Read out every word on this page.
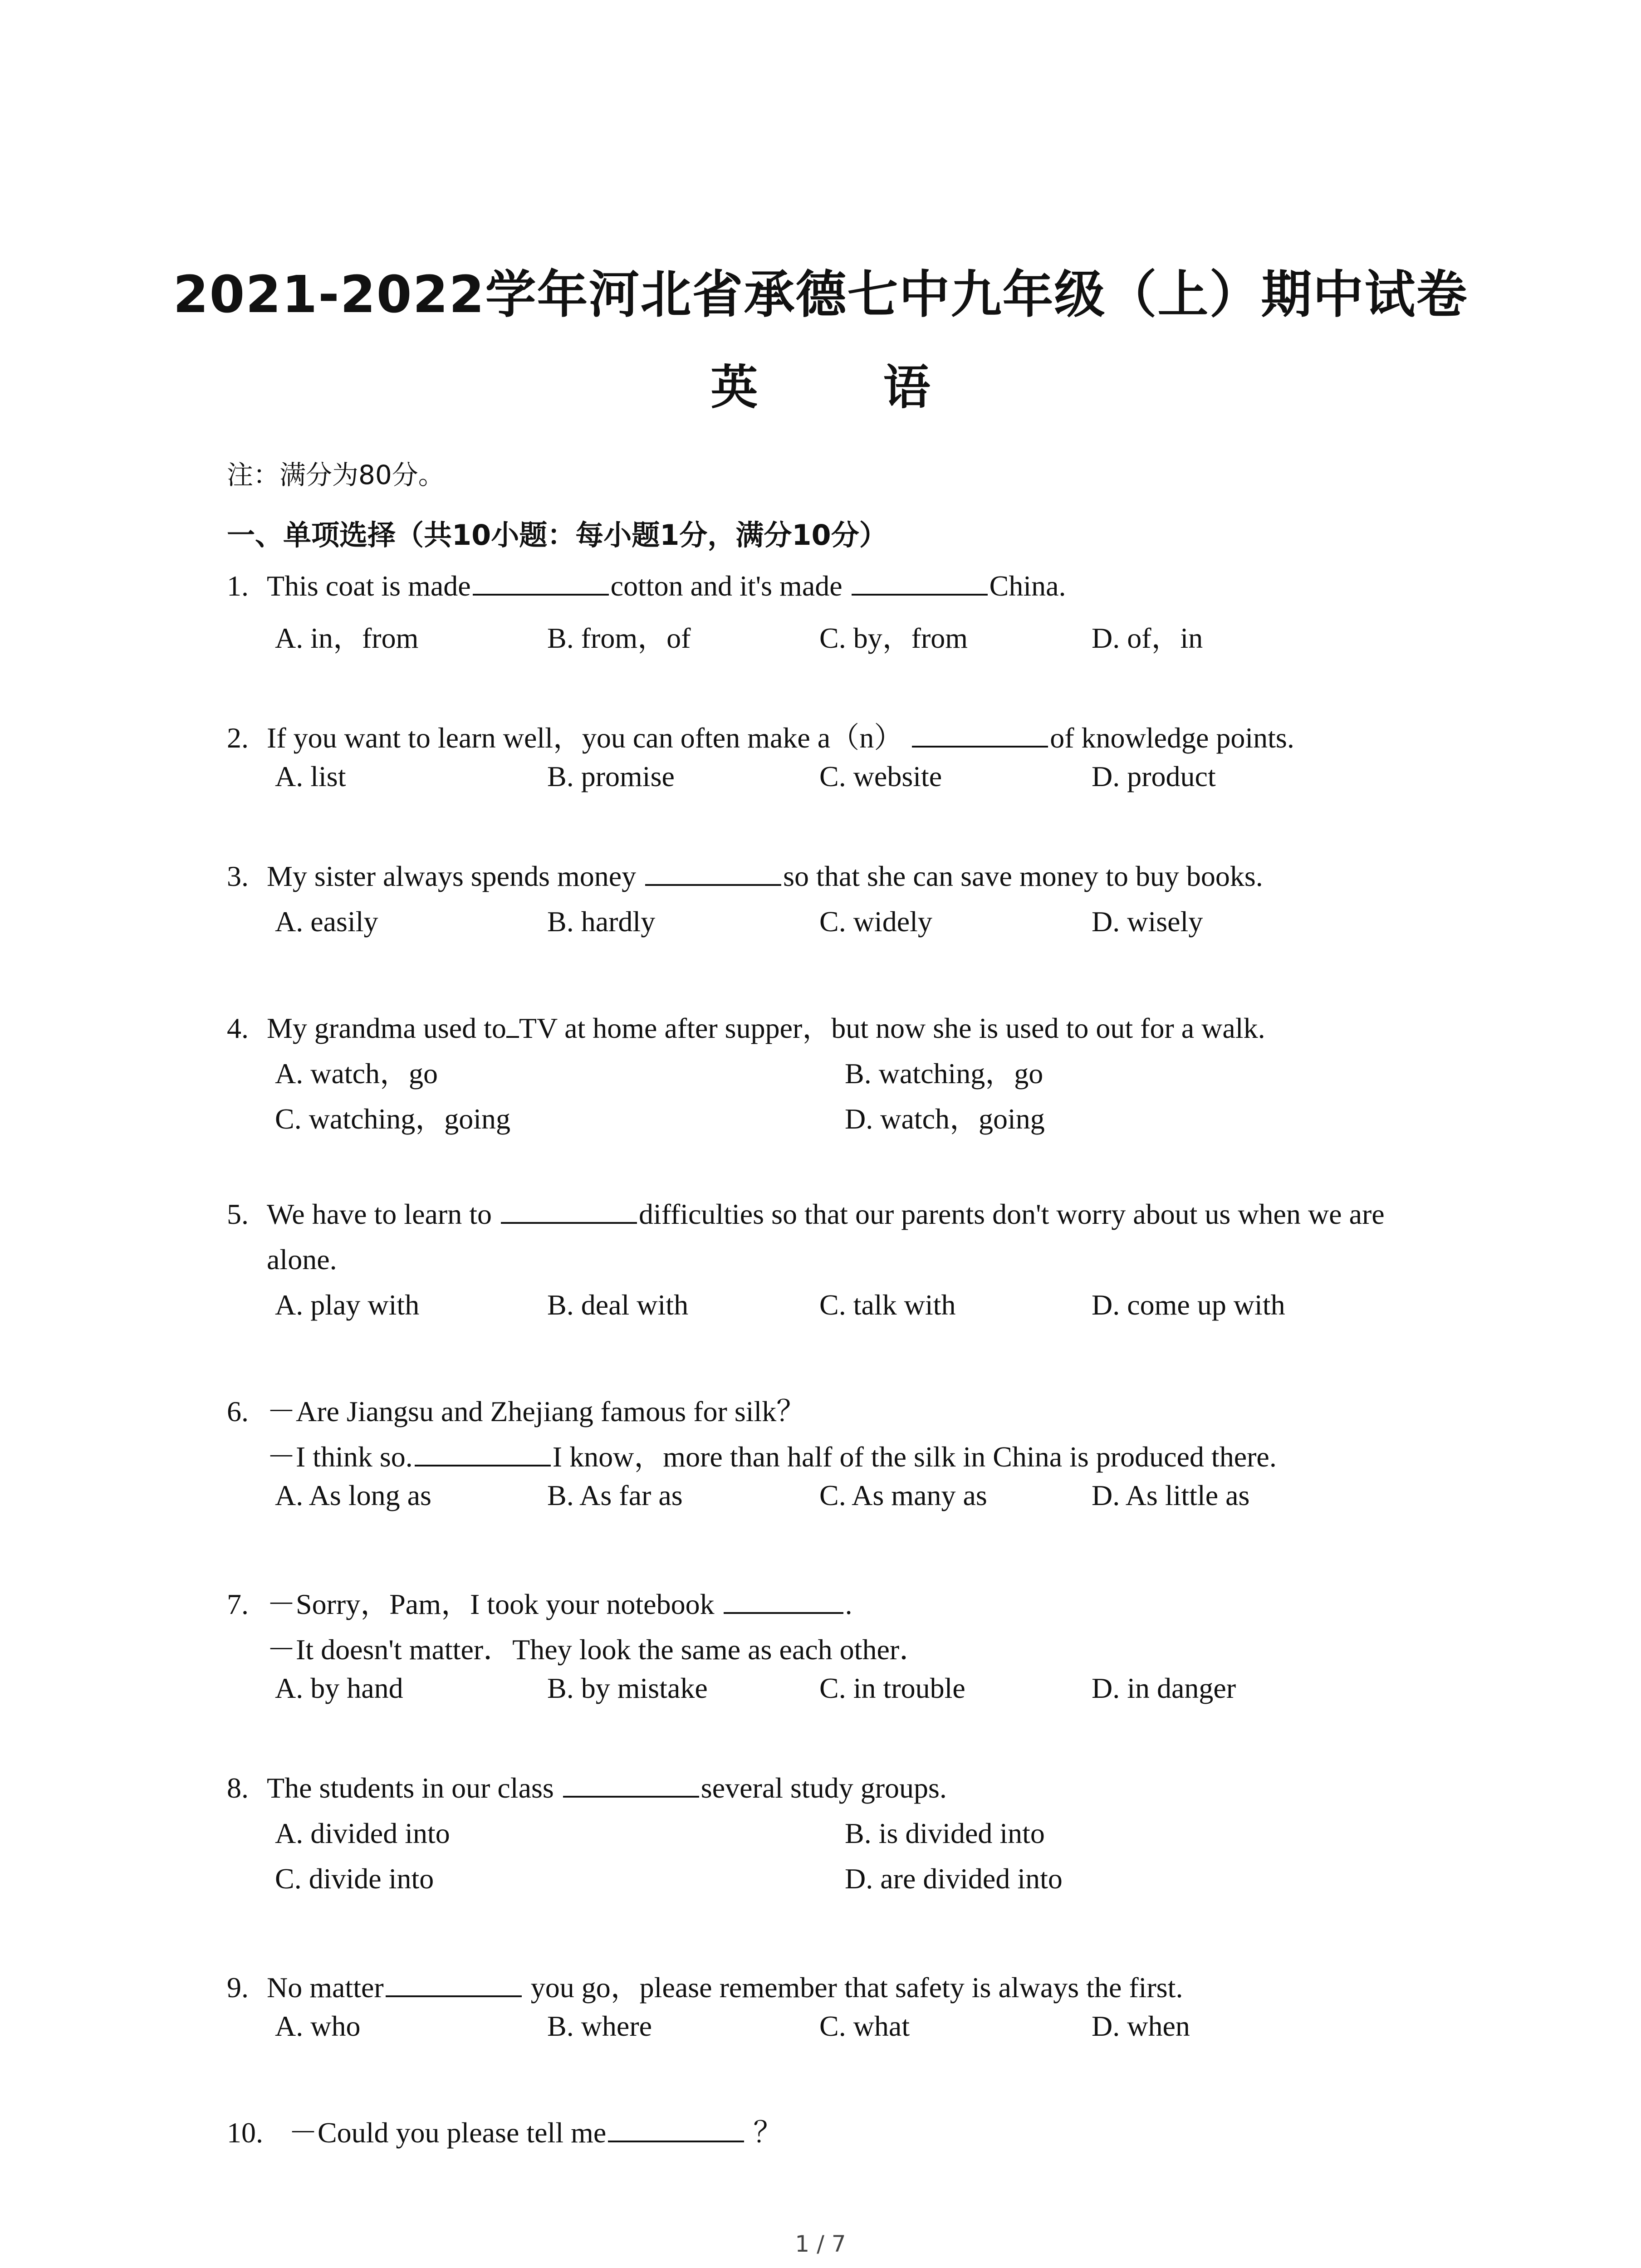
2021-2022学年河北省承德七中九年级（上）期中试卷
英 语
注：满分为80分。
一、单项选择（共10小题：每小题1分，满分10分）
1. This coat is made	cotton and it's made	China.
A. in，from	B. from，of	C. by，from	D. of，in
2. If you want to learn well，you can often make a（n）	of knowledge points.
A. list	B. promise	C. website	D. product
3. My sister always spends money	so that she can save money to buy books.
A. easily	B. hardly	C. widely	D. wisely
4. My grandma used to TV at home after supper，but now she is used to out for a walk.
A. watch，go	B. watching，go
C. watching，going	D. watch，going
5. We have to learn to	difficulties so that our parents don't worry about us when we are
alone.
A. play with	B. deal with	C. talk with	D. come up with
6. －Are Jiangsu and Zhejiang famous for silk？
－I think so.	I know，more than half of the silk in China is produced there.
A. As long as	B. As far as	C. As many as	D. As little as
7. －Sorry，Pam，I took your notebook	.
－It doesn't matter．They look the same as each other．
A. by hand	B. by mistake	C. in trouble	D. in danger
8. The students in our class	several study groups.
A. divided into	B. is divided into
C. divide into	D. are divided into
9. No matter	you go，please remember that safety is always the first.
A. who	B. where	C. what	D. when
10. －Could you please tell me	？
1 / 7
